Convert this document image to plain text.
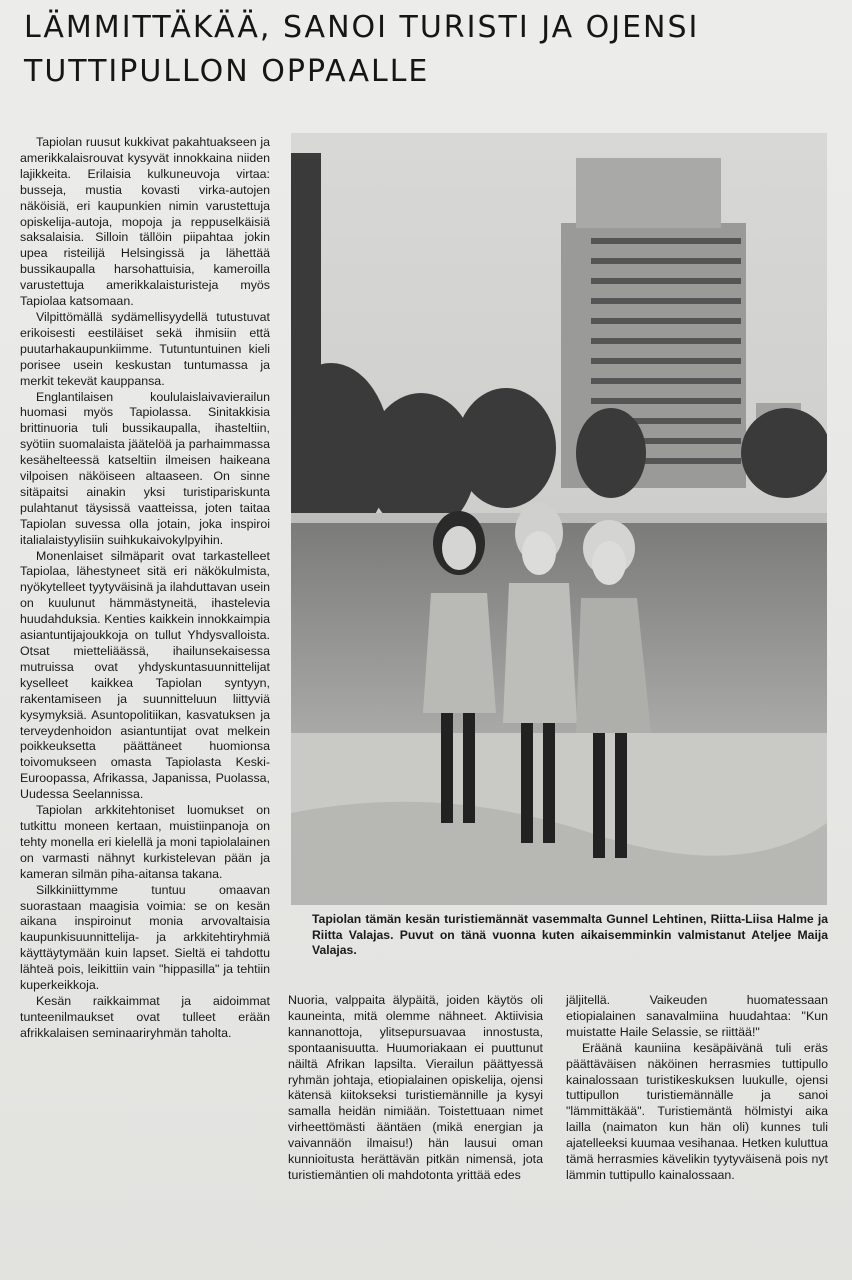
LÄMMITTÄKÄÄ, SANOI TURISTI JA OJENSI
TUTTIPULLON OPPAALLE

Tapiolan ruusut kukkivat pakahtuakseen ja amerikkalaisrouvat kysyvät innokkaina niiden lajikkeita. Erilaisia kulkuneuvoja virtaa: busseja, mustia kovasti virka-autojen näköisiä, eri kaupunkien nimin varustettuja opiskelija-autoja, mopoja ja reppuselkäisiä saksalaisia. Silloin tällöin piipahtaa jokin upea risteilijä Helsingissä ja lähettää bussikaupalla harsohattuisia, kameroilla varustettuja amerikkalaisturisteja myös Tapiolaa katsomaan.

Vilpittömällä sydämellisyydellä tutustuvat erikoisesti eestiläiset sekä ihmisiin että puutarhakaupunkiimme. Tutuntuntuinen kieli porisee usein keskustan tuntumassa ja merkit tekevät kauppansa.

Englantilaisen koululaislaivavierailun huomasi myös Tapiolassa. Sinitakkisia brittinuoria tuli bussikaupalla, ihasteltiin, syötiin suomalaista jäätelöä ja parhaimmassa kesähelteessä katseltiin ilmeisen haikeana vilpoisen näköiseen altaaseen. On sinne sitäpaitsi ainakin yksi turistipariskunta pulahtanut täysissä vaatteissa, joten taitaa Tapiolan suvessa olla jotain, joka inspiroi italialaistyylisiin suihkukaivokylpyihin.

Monenlaiset silmäparit ovat tarkastelleet Tapiolaa, lähestyneet sitä eri näkökulmista, nyökytelleet tyytyväisinä ja ilahduttavan usein on kuulunut hämmästyneitä, ihastelevia huudahduksia. Kenties kaikkein innokkaimpia asiantuntijajoukkoja on tullut Yhdysvalloista. Otsat mietteliäässä, ihailunsekaisessa mutruissa ovat yhdyskuntasuunnittelijat kyselleet kaikkea Tapiolan syntyyn, rakentamiseen ja suunnitteluun liittyviä kysymyksiä. Asuntopolitiikan, kasvatuksen ja terveydenhoidon asiantuntijat ovat melkein poikkeuksetta päättäneet huomionsa toivomukseen omasta Tapiolasta Keski-Euroopassa, Afrikassa, Japanissa, Puolassa, Uudessa Seelannissa.

Tapiolan arkkitehtoniset luomukset on tutkittu moneen kertaan, muistiinpanoja on tehty monella eri kielellä ja moni tapiolalainen on varmasti nähnyt kurkistelevan pään ja kameran silmän piha-aitansa takana.

Silkkiniittymme tuntuu omaavan suorastaan maagisia voimia: se on kesän aikana inspiroinut monia arvovaltaisia kaupunkisuunnittelija- ja arkkitehtiryhmiä käyttäytymään kuin lapset. Sieltä ei tahdottu lähteä pois, leikittiin vain "hippasilla" ja tehtiin kuperkeikkoja.

Kesän raikkaimmat ja aidoimmat tunteenilmaukset ovat tulleet erään afrikkalaisen seminaariryhmän taholta.

Tapiolan tämän kesän turistiemännät vasemmalta Gunnel Lehtinen, Riitta-Liisa Halme ja Riitta Valajas. Puvut on tänä vuonna kuten aikaisemminkin valmistanut Ateljee Maija Valajas.

Nuoria, valppaita älypäitä, joiden käytös oli kauneinta, mitä olemme nähneet. Aktiivisia kannanottoja, ylitsepursuavaa innostusta, spontaanisuutta. Huumoriakaan ei puuttunut näiltä Afrikan lapsilta. Vierailun päättyessä ryhmän johtaja, etiopialainen opiskelija, ojensi kätensä kiitokseksi turistiemännille ja kysyi samalla heidän nimiään. Toistettuaan nimet virheettömästi ääntäen (mikä energian ja vaivannäön ilmaisu!) hän lausui oman kunnioitusta herättävän pitkän nimensä, jota turistiemäntien oli mahdotonta yrittää edes

jäljitellä. Vaikeuden huomatessaan etiopialainen sanavalmiina huudahtaa: "Kun muistatte Haile Selassie, se riittää!"

Eräänä kauniina kesäpäivänä tuli eräs päättäväisen näköinen herrasmies tuttipullo kainalossaan turistikeskuksen luukulle, ojensi tuttipullon turistiemännälle ja sanoi "lämmittäkää". Turistiemäntä hölmistyi aika lailla (naimaton kun hän oli) kunnes tuli ajatelleeksi kuumaa vesihanaa. Hetken kuluttua tämä herrasmies kävelikin tyytyväisenä pois nyt lämmin tuttipullo kainalossaan.
